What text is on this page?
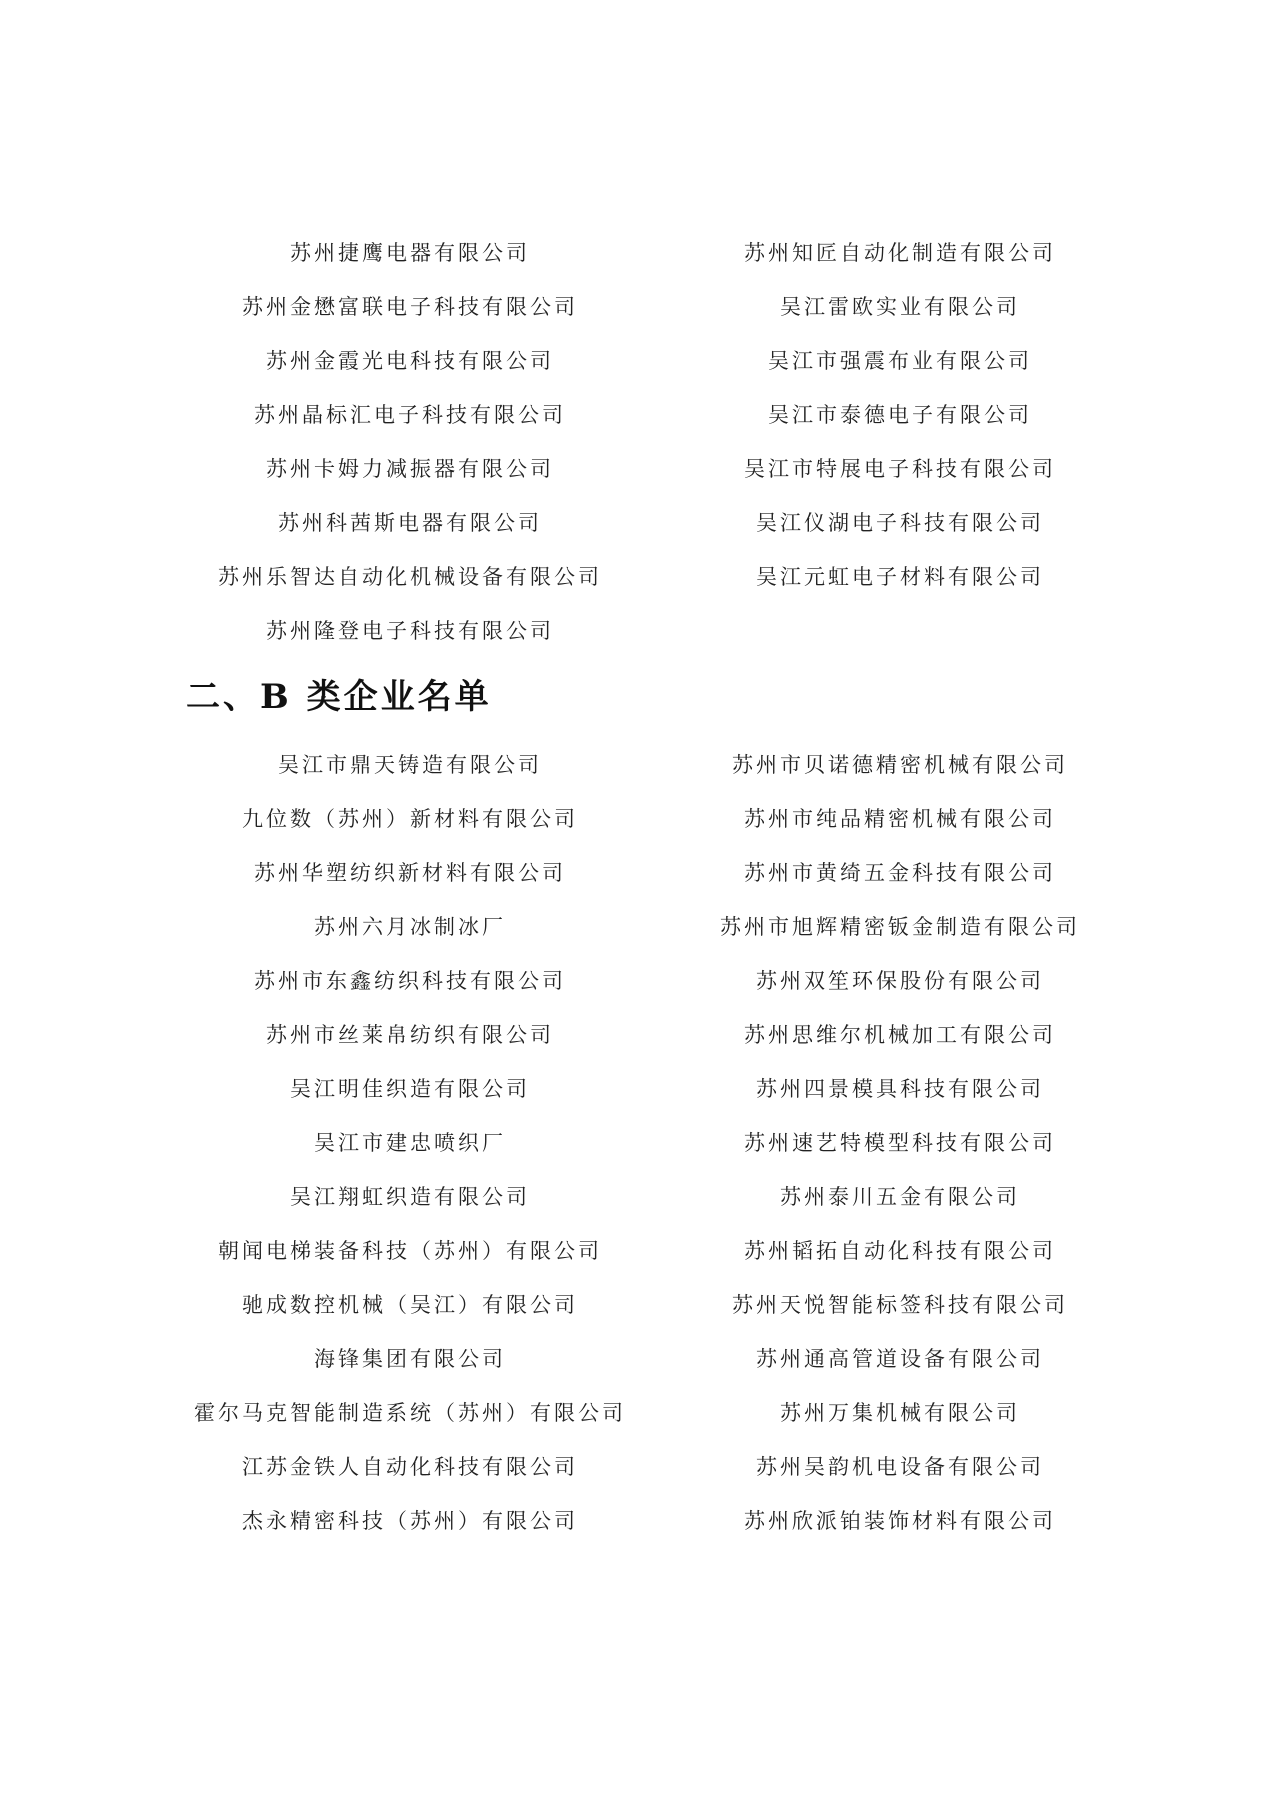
苏州捷鹰电器有限公司
苏州金懋富联电子科技有限公司
苏州金霞光电科技有限公司
苏州晶标汇电子科技有限公司
苏州卡姆力减振器有限公司
苏州科茜斯电器有限公司
苏州乐智达自动化机械设备有限公司
苏州隆登电子科技有限公司
苏州知匠自动化制造有限公司
吴江雷欧实业有限公司
吴江市强震布业有限公司
吴江市泰德电子有限公司
吴江市特展电子科技有限公司
吴江仪湖电子科技有限公司
吴江元虹电子材料有限公司
二、B 类企业名单
吴江市鼎天铸造有限公司
九位数（苏州）新材料有限公司
苏州华塑纺织新材料有限公司
苏州六月冰制冰厂
苏州市东鑫纺织科技有限公司
苏州市丝莱帛纺织有限公司
吴江明佳织造有限公司
吴江市建忠喷织厂
吴江翔虹织造有限公司
朝闻电梯装备科技（苏州）有限公司
驰成数控机械（吴江）有限公司
海锋集团有限公司
霍尔马克智能制造系统（苏州）有限公司
江苏金铁人自动化科技有限公司
杰永精密科技（苏州）有限公司
苏州市贝诺德精密机械有限公司
苏州市纯品精密机械有限公司
苏州市黄绮五金科技有限公司
苏州市旭辉精密钣金制造有限公司
苏州双笙环保股份有限公司
苏州思维尔机械加工有限公司
苏州四景模具科技有限公司
苏州速艺特模型科技有限公司
苏州泰川五金有限公司
苏州韬拓自动化科技有限公司
苏州天悦智能标签科技有限公司
苏州通高管道设备有限公司
苏州万集机械有限公司
苏州吴韵机电设备有限公司
苏州欣派铂装饰材料有限公司
